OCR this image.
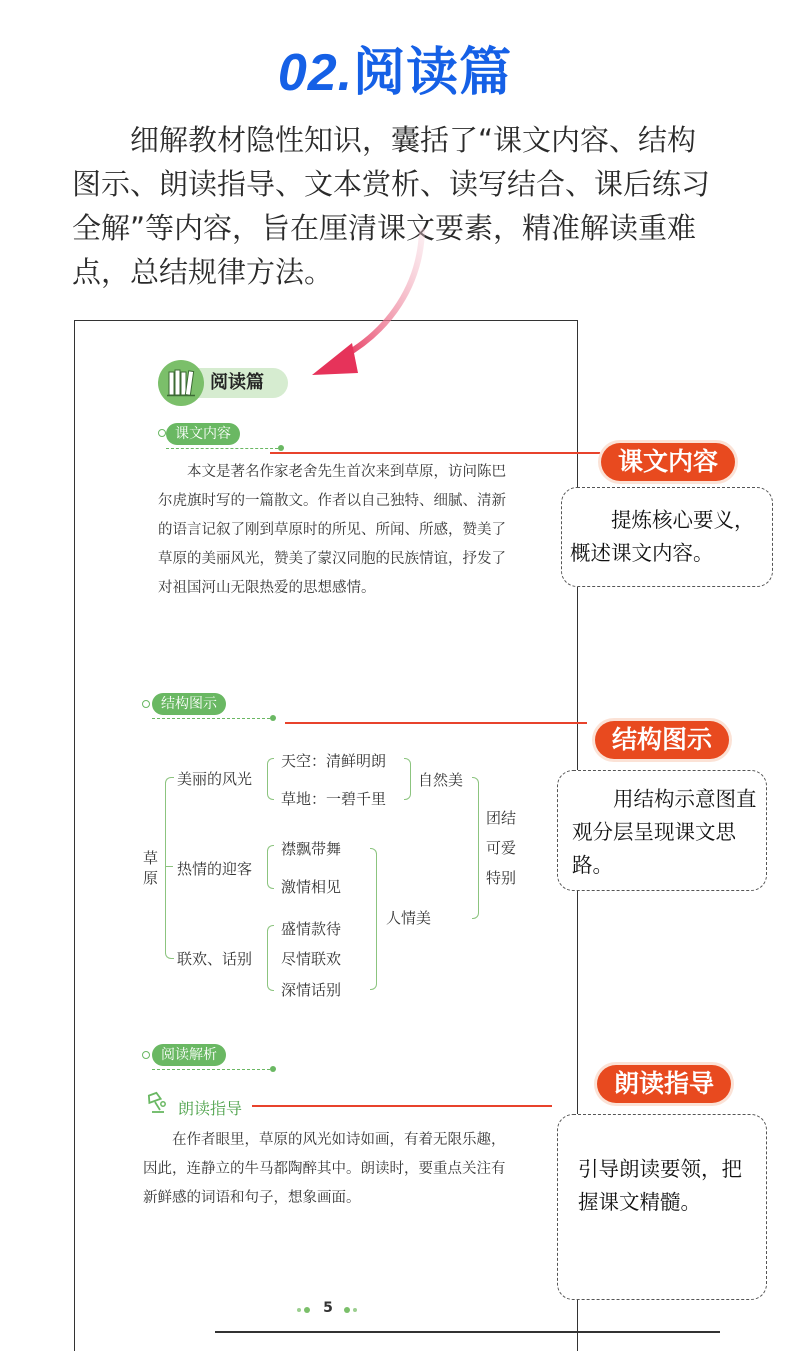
02.阅读篇
细解教材隐性知识，囊括了“课文内容、结构图示、朗读指导、文本赏析、读写结合、课后练习全解”等内容，旨在厘清课文要素，精准解读重难点，总结规律方法。
阅读篇
课文内容
本文是著名作家老舍先生首次来到草原，访问陈巴尔虎旗时写的一篇散文。作者以自己独特、细腻、清新的语言记叙了刚到草原时的所见、所闻、所感，赞美了草原的美丽风光，赞美了蒙汉同胞的民族情谊，抒发了对祖国河山无限热爱的思想感情。
结构图示
草原
美丽的风光
天空：清鲜明朗
草地：一碧千里
自然美
热情的迎客
襟飘带舞
激情相见
联欢、话别
盛情款待
尽情联欢
深情话别
人情美
团结
可爱
特别
阅读解析
朗读指导
在作者眼里，草原的风光如诗如画，有着无限乐趣，因此，连静立的牛马都陶醉其中。朗读时，要重点关注有新鲜感的词语和句子，想象画面。
5
课文内容
提炼核心要义，概述课文内容。
结构图示
用结构示意图直观分层呈现课文思路。
朗读指导
引导朗读要领，把握课文精髓。
